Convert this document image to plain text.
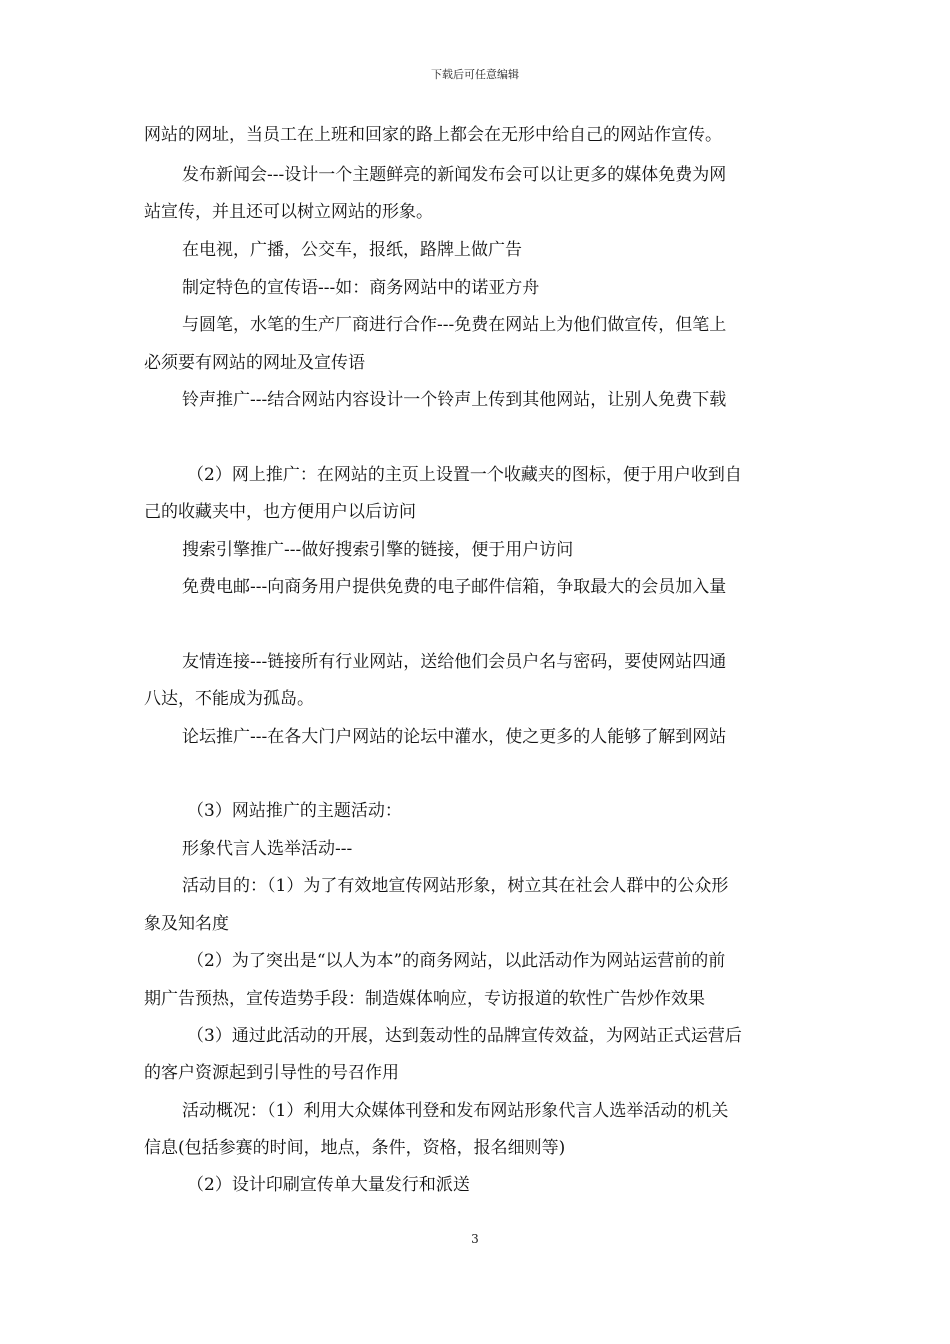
下载后可任意编辑
网站的网址，当员工在上班和回家的路上都会在无形中给自己的网站作宣传。
发布新闻会---设计一个主题鲜亮的新闻发布会可以让更多的媒体免费为网
站宣传，并且还可以树立网站的形象。
在电视，广播，公交车，报纸，路牌上做广告
制定特色的宣传语---如：商务网站中的诺亚方舟
与圆笔，水笔的生产厂商进行合作---免费在网站上为他们做宣传，但笔上
必须要有网站的网址及宣传语
铃声推广---结合网站内容设计一个铃声上传到其他网站，让别人免费下载
（2）网上推广：在网站的主页上设置一个收藏夹的图标，便于用户收到自
己的收藏夹中，也方便用户以后访问
搜索引擎推广---做好搜索引擎的链接，便于用户访问
免费电邮---向商务用户提供免费的电子邮件信箱，争取最大的会员加入量
友情连接---链接所有行业网站，送给他们会员户名与密码，要使网站四通
八达，不能成为孤岛。
论坛推广---在各大门户网站的论坛中灌水，使之更多的人能够了解到网站
（3）网站推广的主题活动：
形象代言人选举活动---
活动目的：（1）为了有效地宣传网站形象，树立其在社会人群中的公众形
象及知名度
（2）为了突出是“以人为本”的商务网站，以此活动作为网站运营前的前
期广告预热，宣传造势手段：制造媒体响应，专访报道的软性广告炒作效果
（3）通过此活动的开展，达到轰动性的品牌宣传效益，为网站正式运营后
的客户资源起到引导性的号召作用
活动概况：（1）利用大众媒体刊登和发布网站形象代言人选举活动的机关
信息(包括参赛的时间，地点，条件，资格，报名细则等)
（2）设计印刷宣传单大量发行和派送
3
